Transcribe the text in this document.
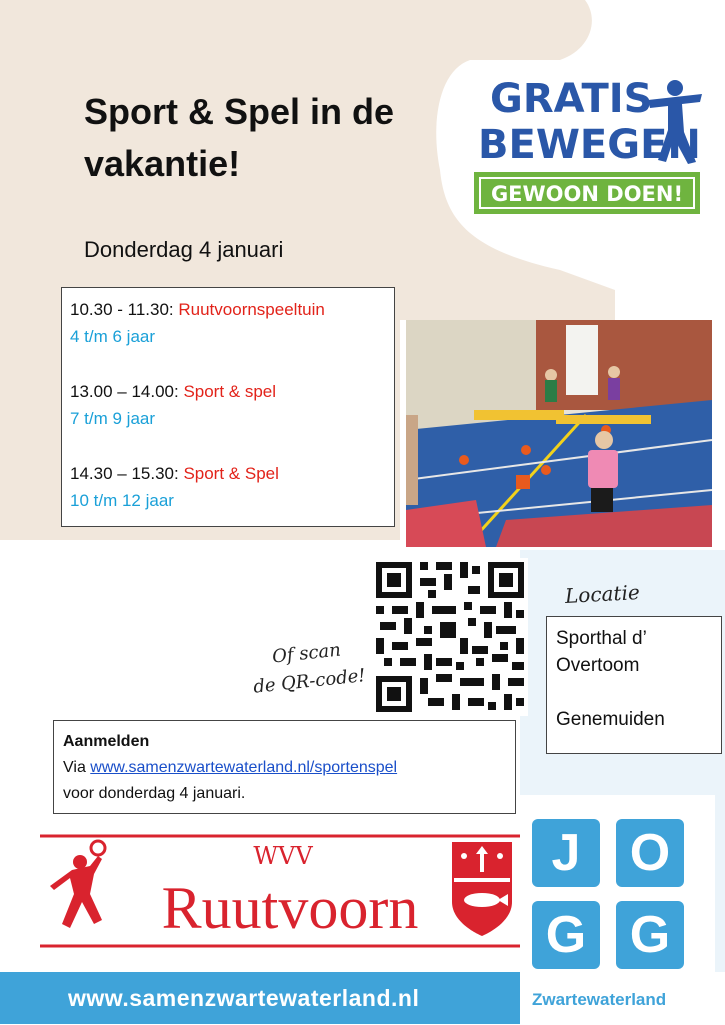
Sport & Spel in de vakantie!
Donderdag 4 januari
GRATIS
BEWEGEN
GEWOON DOEN!
10.30 - 11.30: Ruutvoornspeeltuin
4 t/m 6 jaar
13.00 – 14.00: Sport & spel
7 t/m 9 jaar
14.30 – 15.30: Sport & Spel
10 t/m 12 jaar
Of scan
de QR-code!
Locatie
Sporthal d’
Overtoom
Genemuiden
Aanmelden
Via www.samenzwartewaterland.nl/sportenspel
voor donderdag 4 januari.
WVV
Ruutvoorn
J O
G G
www.samenzwartewaterland.nl	Zwartewaterland
